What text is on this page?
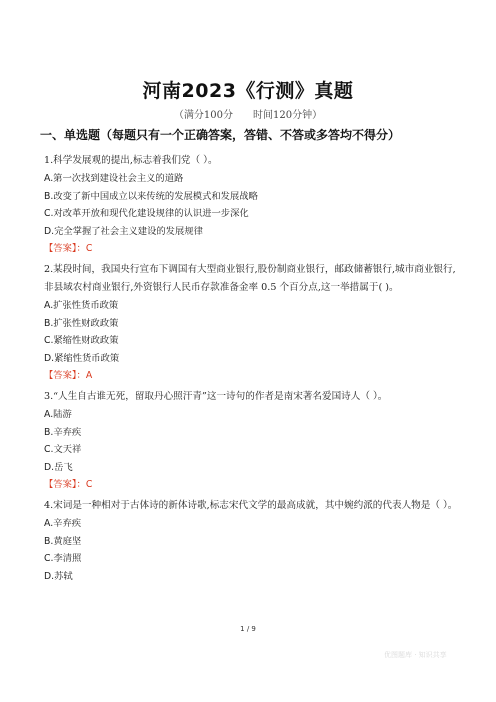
河南2023《行测》真题
（满分100分　　时间120分钟）
一、单选题（每题只有一个正确答案，答错、不答或多答均不得分）
1.科学发展观的提出,标志着我们党（ ）。
A.第一次找到建设社会主义的道路
B.改变了新中国成立以来传统的发展模式和发展战略
C.对改革开放和现代化建设规律的认识进一步深化
D.完全掌握了社会主义建设的发展规律
【答案】：C
2.某段时间，我国央行宣布下调国有大型商业银行,股份制商业银行，邮政储蓄银行,城市商业银行,非县域农村商业银行,外资银行人民币存款准备金率 0.5 个百分点,这一举措属于( )。
A.扩张性货币政策
B.扩张性财政政策
C.紧缩性财政政策
D.紧缩性货币政策
【答案】：A
3.“人生自古谁无死，留取丹心照汗青”这一诗句的作者是南宋著名爱国诗人（ ）。
A.陆游
B.辛弃疾
C.文天祥
D.岳飞
【答案】：C
4.宋词是一种相对于古体诗的新体诗歌,标志宋代文学的最高成就，其中婉约派的代表人物是（ ）。
A.辛弃疾
B.黄庭坚
C.李清照
D.苏轼
1 / 9
优图题库 · 知识共享
